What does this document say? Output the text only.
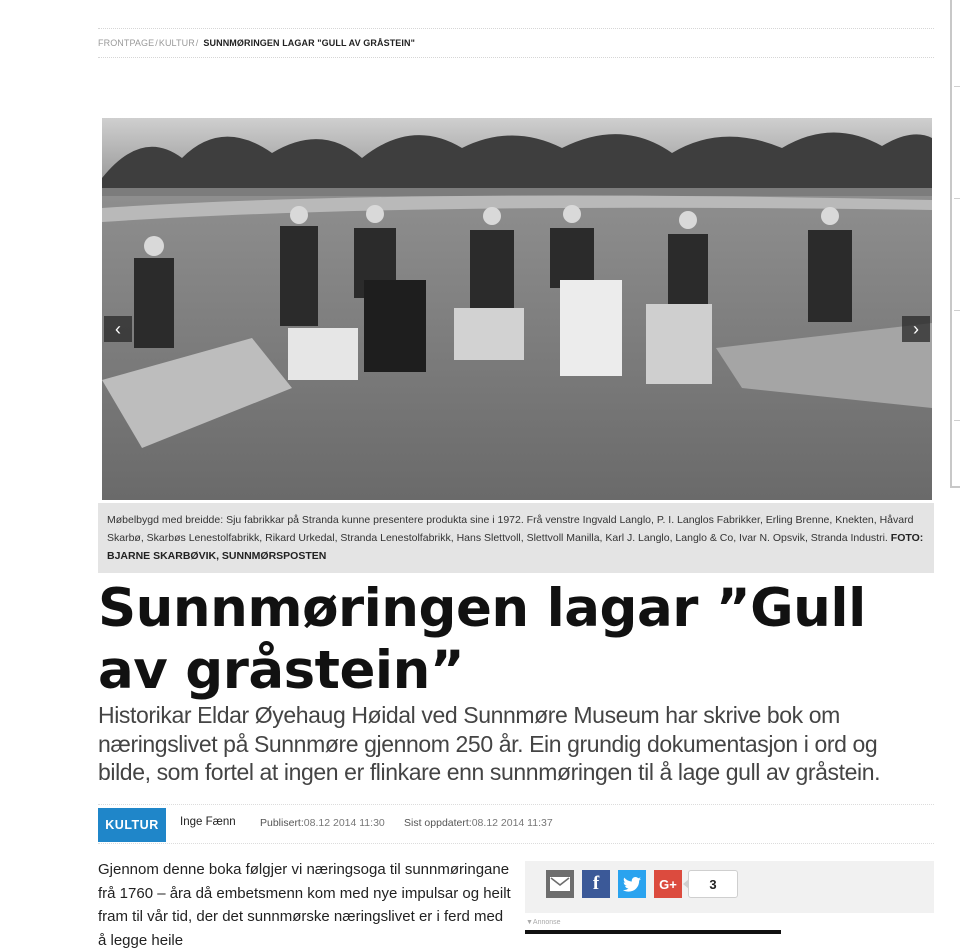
FRONTPAGE / KULTUR / SUNNMØRINGEN LAGAR "GULL AV GRÅSTEIN"
‹	›
Møbelbygd med breidde: Sju fabrikkar på Stranda kunne presentere produkta sine i 1972. Frå venstre Ingvald Langlo, P. I. Langlos Fabrikker, Erling Brenne, Knekten, Håvard Skarbø, Skarbøs Lenestolfabrikk, Rikard Urkedal, Stranda Lenestolfabrikk, Hans Slettvoll, Slettvoll Manilla, Karl J. Langlo, Langlo & Co, Ivar N. Opsvik, Stranda Industri. FOTO: BJARNE SKARBØVIK, SUNNMØRSPOSTEN
Sunnmøringen lagar ”Gull av gråstein”

Historikar Eldar Øyehaug Høidal ved Sunnmøre Museum har skrive bok om næringslivet på Sunnmøre gjennom 250 år. Ein grundig dokumentasjon i ord og bilde, som fortel at ingen er flinkare enn sunnmøringen til å lage gull av gråstein.

KULTUR	Inge Fænn Publisert:08.12 2014 11:30 Sist oppdatert:08.12 2014 11:37

Gjennom denne boka følgjer vi næringsoga til sunnmøringane frå 1760 – åra då embetsmenn kom med nye impulsar og heilt fram til vår tid, der det sunnmørske næringslivet er i ferd med å legge heile

f	G+	3
▼Annonse
